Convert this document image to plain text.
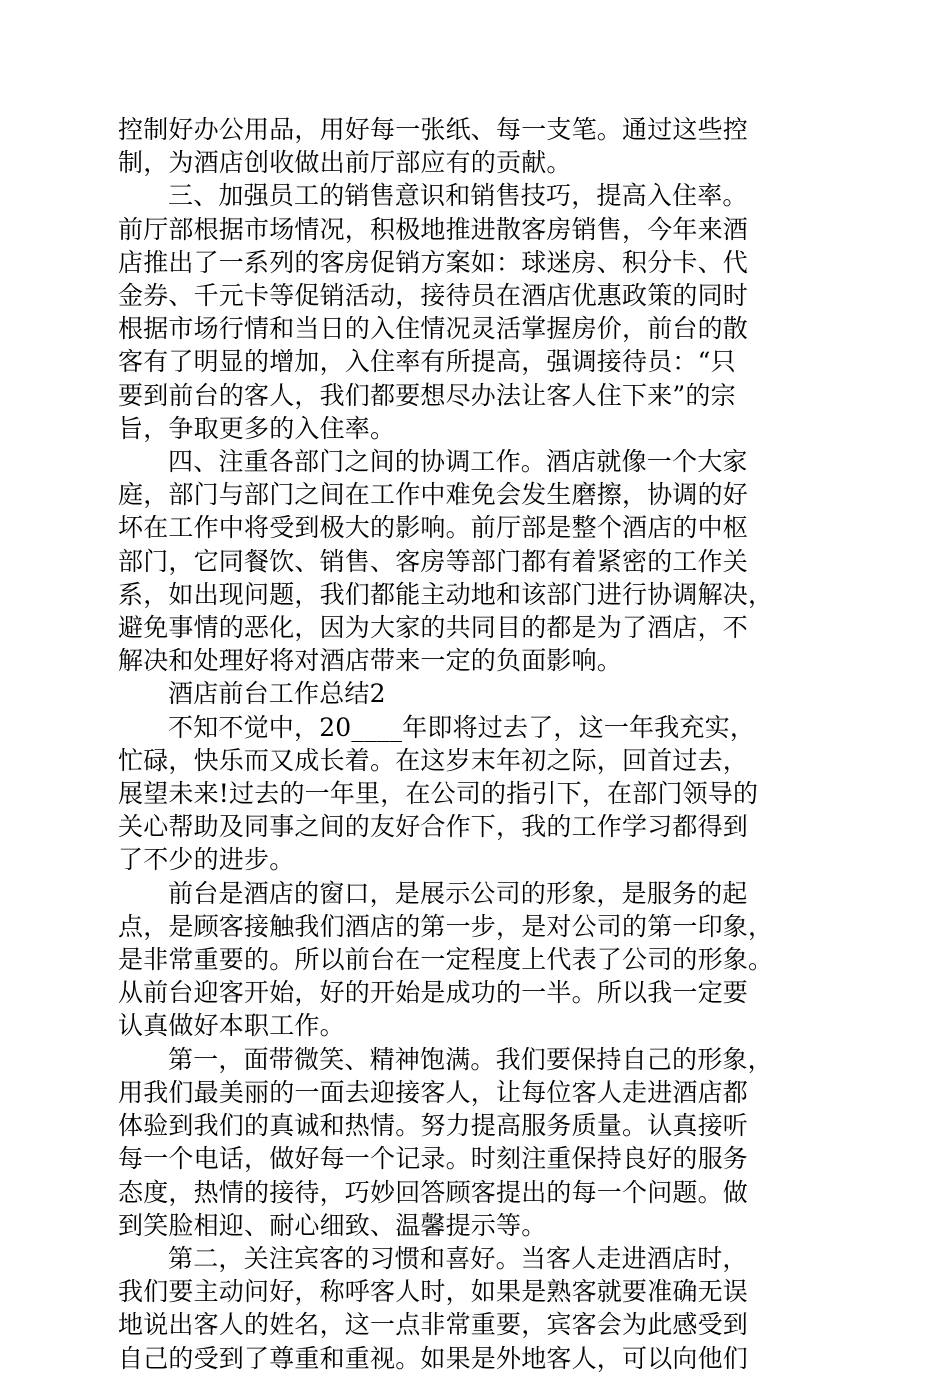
控制好办公用品，用好每一张纸、每一支笔。通过这些控
制，为酒店创收做出前厅部应有的贡献。

三、加强员工的销售意识和销售技巧，提高入住率。
前厅部根据市场情况，积极地推进散客房销售，今年来酒
店推出了一系列的客房促销方案如：球迷房、积分卡、代
金券、千元卡等促销活动，接待员在酒店优惠政策的同时
根据市场行情和当日的入住情况灵活掌握房价，前台的散
客有了明显的增加，入住率有所提高，强调接待员：“只
要到前台的客人，我们都要想尽办法让客人住下来”的宗
旨，争取更多的入住率。

四、注重各部门之间的协调工作。酒店就像一个大家
庭，部门与部门之间在工作中难免会发生磨擦，协调的好
坏在工作中将受到极大的影响。前厅部是整个酒店的中枢
部门，它同餐饮、销售、客房等部门都有着紧密的工作关
系，如出现问题，我们都能主动地和该部门进行协调解决，
避免事情的恶化，因为大家的共同目的都是为了酒店，不
解决和处理好将对酒店带来一定的负面影响。

酒店前台工作总结2

不知不觉中，20____年即将过去了，这一年我充实，
忙碌，快乐而又成长着。在这岁末年初之际，回首过去，
展望未来!过去的一年里，在公司的指引下，在部门领导的
关心帮助及同事之间的友好合作下，我的工作学习都得到
了不少的进步。

前台是酒店的窗口，是展示公司的形象，是服务的起
点，是顾客接触我们酒店的第一步，是对公司的第一印象，
是非常重要的。所以前台在一定程度上代表了公司的形象。
从前台迎客开始，好的开始是成功的一半。所以我一定要
认真做好本职工作。

第一，面带微笑、精神饱满。我们要保持自己的形象，
用我们最美丽的一面去迎接客人，让每位客人走进酒店都
体验到我们的真诚和热情。努力提高服务质量。认真接听
每一个电话，做好每一个记录。时刻注重保持良好的服务
态度，热情的接待，巧妙回答顾客提出的每一个问题。做
到笑脸相迎、耐心细致、温馨提示等。

第二，关注宾客的习惯和喜好。当客人走进酒店时，
我们要主动问好，称呼客人时，如果是熟客就要准确无误
地说出客人的姓名，这一点非常重要，宾客会为此感受到
自己的受到了尊重和重视。如果是外地客人，可以向他们
